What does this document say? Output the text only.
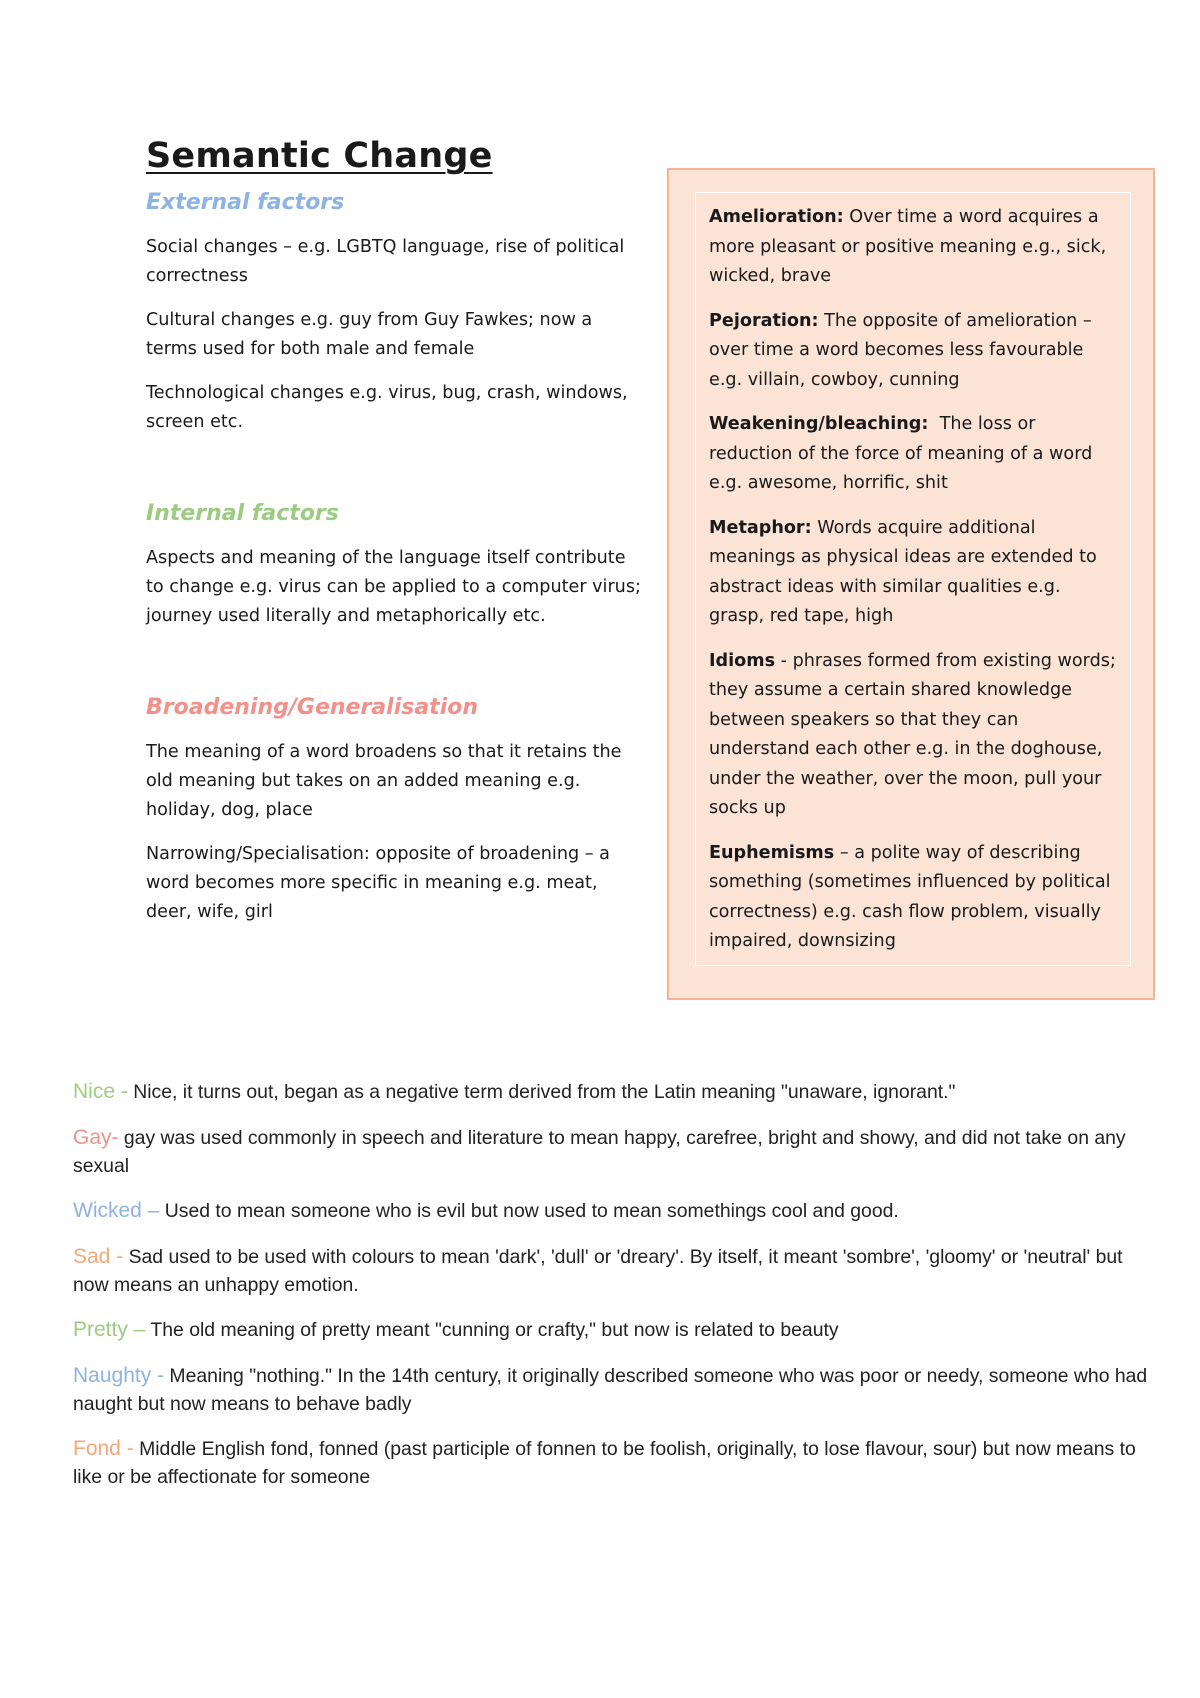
Semantic Change
External factors

Social changes – e.g. LGBTQ language, rise of political correctness

Cultural changes e.g. guy from Guy Fawkes; now a terms used for both male and female

Technological changes e.g. virus, bug, crash, windows, screen etc.

Internal factors

Aspects and meaning of the language itself contribute to change e.g. virus can be applied to a computer virus; journey used literally and metaphorically etc.

Broadening/Generalisation

The meaning of a word broadens so that it retains the old meaning but takes on an added meaning e.g. holiday, dog, place

Narrowing/Specialisation: opposite of broadening – a word becomes more specific in meaning e.g. meat, deer, wife, girl

Amelioration: Over time a word acquires a more pleasant or positive meaning e.g., sick, wicked, brave

Pejoration: The opposite of amelioration – over time a word becomes less favourable e.g. villain, cowboy, cunning

Weakening/bleaching:  The loss or reduction of the force of meaning of a word e.g. awesome, horrific, shit

Metaphor: Words acquire additional meanings as physical ideas are extended to abstract ideas with similar qualities e.g. grasp, red tape, high

Idioms - phrases formed from existing words; they assume a certain shared knowledge between speakers so that they can understand each other e.g. in the doghouse, under the weather, over the moon, pull your socks up

Euphemisms – a polite way of describing something (sometimes influenced by political correctness) e.g. cash flow problem, visually impaired, downsizing

Nice - Nice, it turns out, began as a negative term derived from the Latin meaning "unaware, ignorant."

Gay- gay was used commonly in speech and literature to mean happy, carefree, bright and showy, and did not take on any sexual

Wicked – Used to mean someone who is evil but now used to mean somethings cool and good.

Sad - Sad used to be used with colours to mean 'dark', 'dull' or 'dreary'. By itself, it meant 'sombre', 'gloomy' or 'neutral' but now means an unhappy emotion.

Pretty – The old meaning of pretty meant "cunning or crafty," but now is related to beauty

Naughty - Meaning "nothing." In the 14th century, it originally described someone who was poor or needy, someone who had naught but now means to behave badly

Fond - Middle English fond, fonned (past participle of fonnen to be foolish, originally, to lose flavour, sour) but now means to like or be affectionate for someone
